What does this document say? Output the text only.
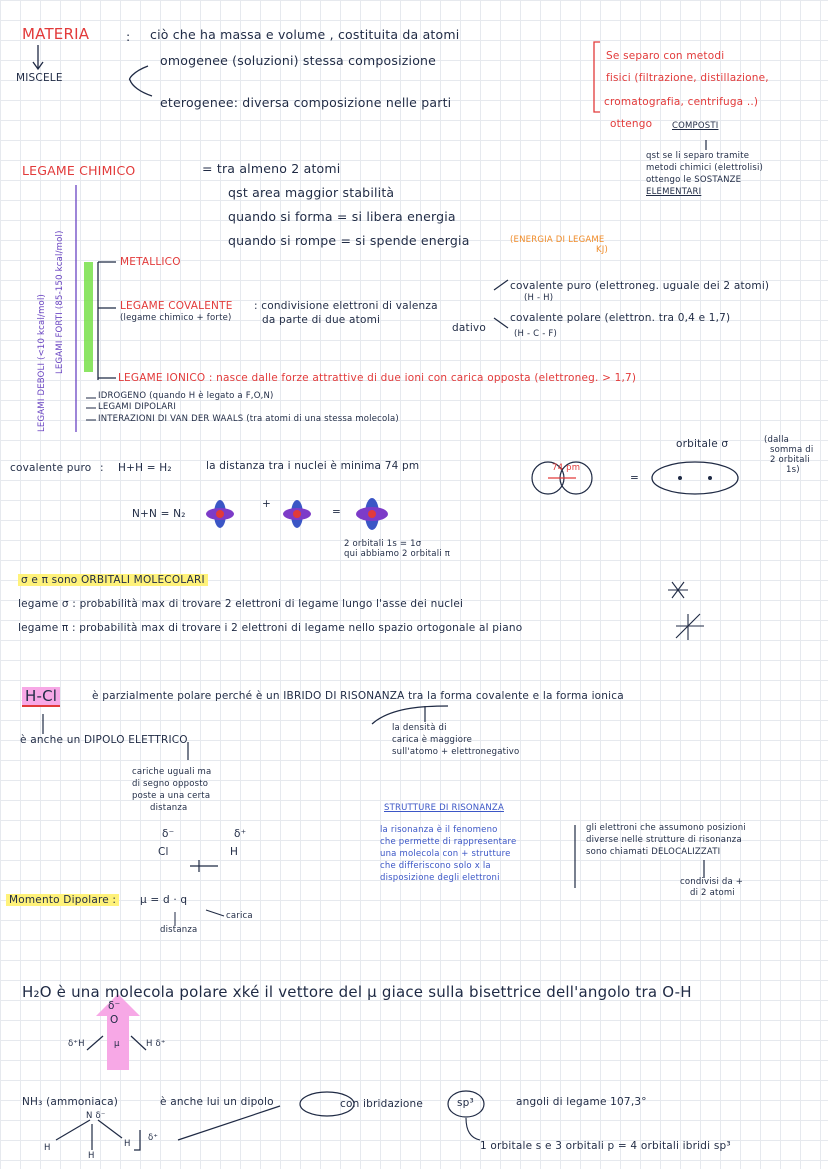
MATERIA	: ciò che ha massa e volume , costituita da atomi
MISCELE
omogenee (soluzioni) stessa composizione
eterogenee: diversa composizione nelle parti
Se separo con metodi
fisici (filtrazione, distillazione,
cromatografia, centrifuga ..)
ottengo COMPOSTI
qst se li separo tramite
metodi chimici (elettrolisi)
ottengo le SOSTANZE
ELEMENTARI
LEGAME CHIMICO	= tra almeno 2 atomi
qst area maggior stabilità
quando si forma = si libera energia
quando si rompe = si spende energia	(ENERGIA DI LEGAME
KJ)
LEGAMI FORTI (85-150 kcal/mol)
LEGAMI DEBOLI (<10 kcal/mol)
METALLICO
LEGAME COVALENTE
(legame chimico + forte)
: condivisione elettroni di valenza
da parte di due atomi
dativo
covalente puro (elettroneg. uguale dei 2 atomi)
(H - H)
covalente polare (elettron. tra 0,4 e 1,7)
(H - C - F)
LEGAME IONICO : nasce dalle forze attrattive di due ioni con carica opposta (elettroneg. > 1,7)
IDROGENO (quando H è legato a F,O,N)
LEGAMI DIPOLARI
INTERAZIONI DI VAN DER WAALS (tra atomi di una stessa molecola)
orbitale σ	(dalla
somma di
2 orbitali
1s)
covalente puro : H+H = H₂	la distanza tra i nuclei è minima 74 pm	74 pm
=
N+N = N₂
+
=
2 orbitali 1s = 1σ
qui abbiamo 2 orbitali π
σ e π sono ORBITALI MOLECOLARI
legame σ : probabilità max di trovare 2 elettroni di legame lungo l'asse dei nuclei
legame π : probabilità max di trovare i 2 elettroni di legame nello spazio ortogonale al piano
H-Cl	è parzialmente polare perché è un IBRIDO DI RISONANZA tra la forma covalente e la forma ionica
è anche un DIPOLO ELETTRICO
cariche uguali ma
di segno opposto
poste a una certa
distanza
δ⁻	δ⁺
Cl	H
la densità di
carica è maggiore
sull'atomo + elettronegativo
STRUTTURE DI RISONANZA
la risonanza è il fenomeno
che permette di rappresentare
una molecola con + strutture
che differiscono solo x la
disposizione degli elettroni
gli elettroni che assumono posizioni
diverse nelle strutture di risonanza
sono chiamati DELOCALIZZATI
condivisi da +
di 2 atomi
Momento Dipolare : μ = d · q
carica
distanza
H₂O è una molecola polare xké il vettore del μ giace sulla bisettrice dell'angolo tra O-H
O
δ⁻
δ⁺H	H δ⁺
μ
NH₃ (ammoniaca)	è anche lui un dipolo	con ibridazione	sp³	angoli di legame 107,3°
1 orbitale s e 3 orbitali p = 4 orbitali ibridi sp³
N δ⁻
H
H
H
δ⁺
